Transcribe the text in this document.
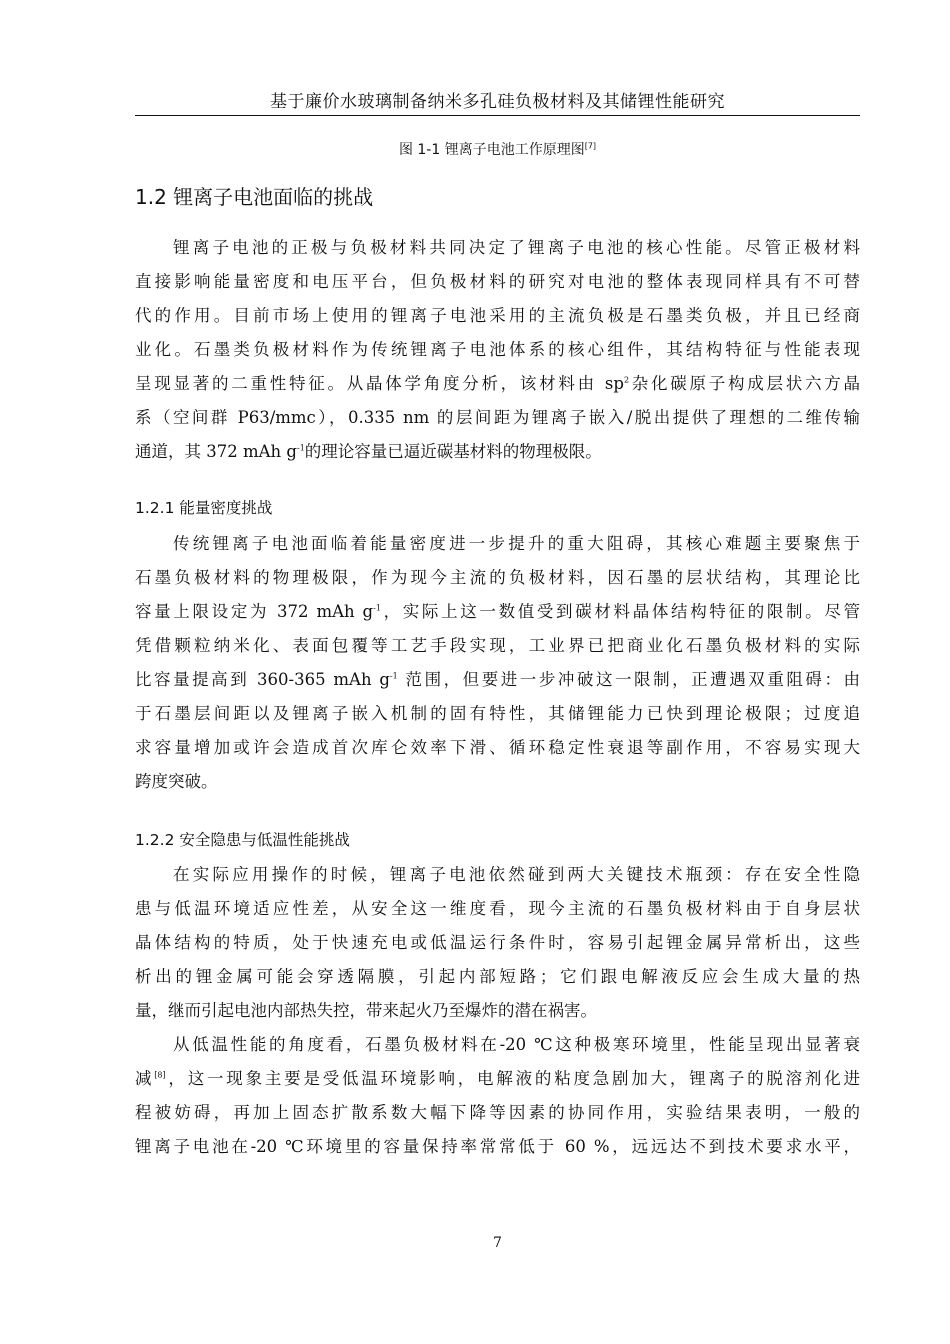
基于廉价水玻璃制备纳米多孔硅负极材料及其储锂性能研究
图 1-1 锂离子电池工作原理图[7]
1.2 锂离子电池面临的挑战
锂离子电池的正极与负极材料共同决定了锂离子电池的核心性能。尽管正极材料
直接影响能量密度和电压平台，但负极材料的研究对电池的整体表现同样具有不可替
代的作用。目前市场上使用的锂离子电池采用的主流负极是石墨类负极，并且已经商
业化。石墨类负极材料作为传统锂离子电池体系的核心组件，其结构特征与性能表现
呈现显著的二重性特征。从晶体学角度分析，该材料由 $sp^2$杂化碳原子构成层状六方晶
系（空间群 P63/mmc），0.335 nm 的层间距为锂离子嵌入/脱出提供了理想的二维传输
通道，其 372 mAh $g^{-1}$的理论容量已逼近碳基材料的物理极限。
1.2.1 能量密度挑战
传统锂离子电池面临着能量密度进一步提升的重大阻碍，其核心难题主要聚焦于
石墨负极材料的物理极限，作为现今主流的负极材料，因石墨的层状结构，其理论比
容量上限设定为 372 mAh $g^{-1}$，实际上这一数值受到碳材料晶体结构特征的限制。尽管
凭借颗粒纳米化、表面包覆等工艺手段实现，工业界已把商业化石墨负极材料的实际
比容量提高到 360-365 mAh $g^{-1}$ 范围，但要进一步冲破这一限制，正遭遇双重阻碍：由
于石墨层间距以及锂离子嵌入机制的固有特性，其储锂能力已快到理论极限；过度追
求容量增加或许会造成首次库仑效率下滑、循环稳定性衰退等副作用，不容易实现大
跨度突破。
1.2.2 安全隐患与低温性能挑战
在实际应用操作的时候，锂离子电池依然碰到两大关键技术瓶颈：存在安全性隐
患与低温环境适应性差，从安全这一维度看，现今主流的石墨负极材料由于自身层状
晶体结构的特质，处于快速充电或低温运行条件时，容易引起锂金属异常析出，这些
析出的锂金属可能会穿透隔膜，引起内部短路；它们跟电解液反应会生成大量的热
量，继而引起电池内部热失控，带来起火乃至爆炸的潜在祸害。
从低温性能的角度看，石墨负极材料在-20 ℃这种极寒环境里，性能呈现出显著衰
减[8]，这一现象主要是受低温环境影响，电解液的粘度急剧加大，锂离子的脱溶剂化进
程被妨碍，再加上固态扩散系数大幅下降等因素的协同作用，实验结果表明，一般的
锂离子电池在-20 ℃环境里的容量保持率常常低于 60 %，远远达不到技术要求水平，
7
